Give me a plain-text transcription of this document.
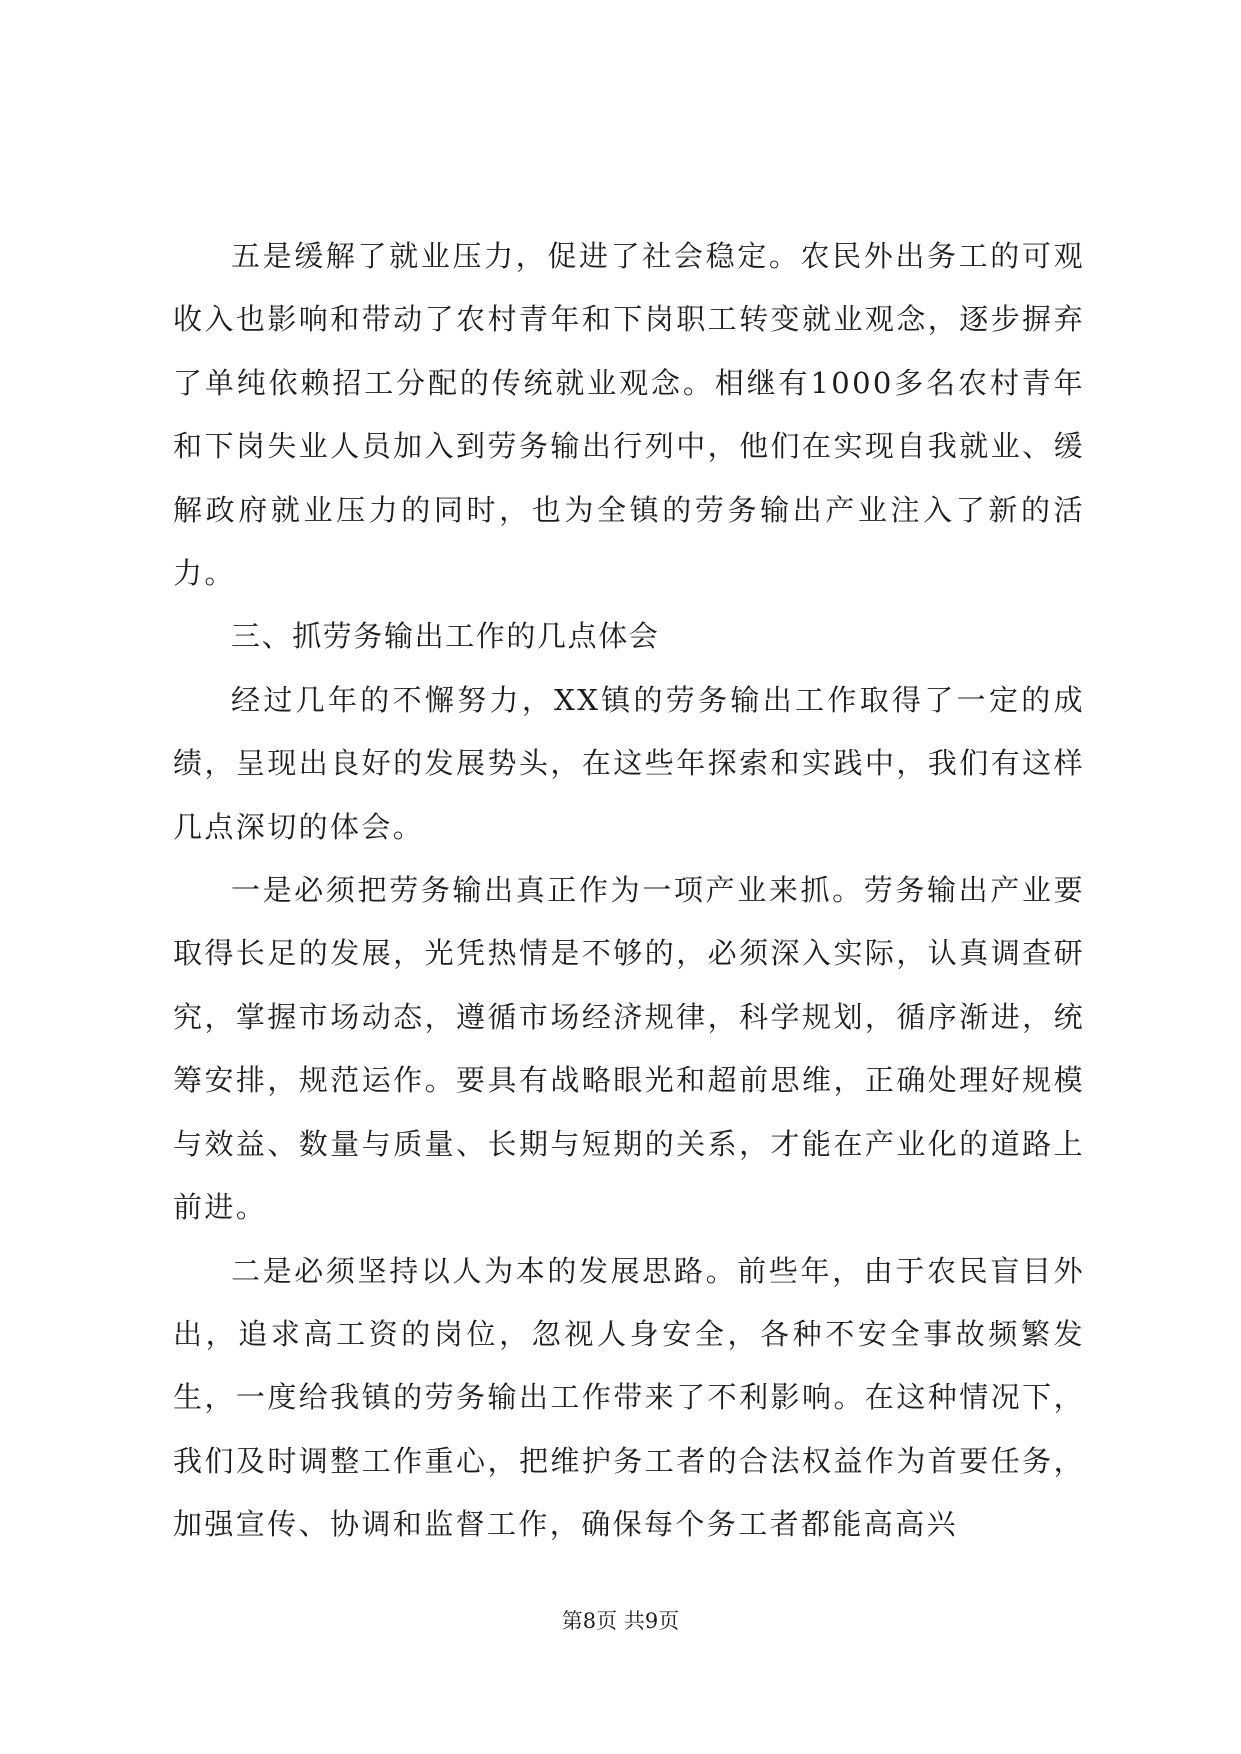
五是缓解了就业压力，促进了社会稳定。农民外出务工的可观收入也影响和带动了农村青年和下岗职工转变就业观念，逐步摒弃了单纯依赖招工分配的传统就业观念。相继有1000多名农村青年和下岗失业人员加入到劳务输出行列中，他们在实现自我就业、缓解政府就业压力的同时，也为全镇的劳务输出产业注入了新的活力。

三、抓劳务输出工作的几点体会

经过几年的不懈努力，XX镇的劳务输出工作取得了一定的成绩，呈现出良好的发展势头，在这些年探索和实践中，我们有这样几点深切的体会。

一是必须把劳务输出真正作为一项产业来抓。劳务输出产业要取得长足的发展，光凭热情是不够的，必须深入实际，认真调查研究，掌握市场动态，遵循市场经济规律，科学规划，循序渐进，统筹安排，规范运作。要具有战略眼光和超前思维，正确处理好规模与效益、数量与质量、长期与短期的关系，才能在产业化的道路上前进。

二是必须坚持以人为本的发展思路。前些年，由于农民盲目外出，追求高工资的岗位，忽视人身安全，各种不安全事故频繁发生，一度给我镇的劳务输出工作带来了不利影响。在这种情况下，我们及时调整工作重心，把维护务工者的合法权益作为首要任务，加强宣传、协调和监督工作，确保每个务工者都能高高兴

第8页 共9页
